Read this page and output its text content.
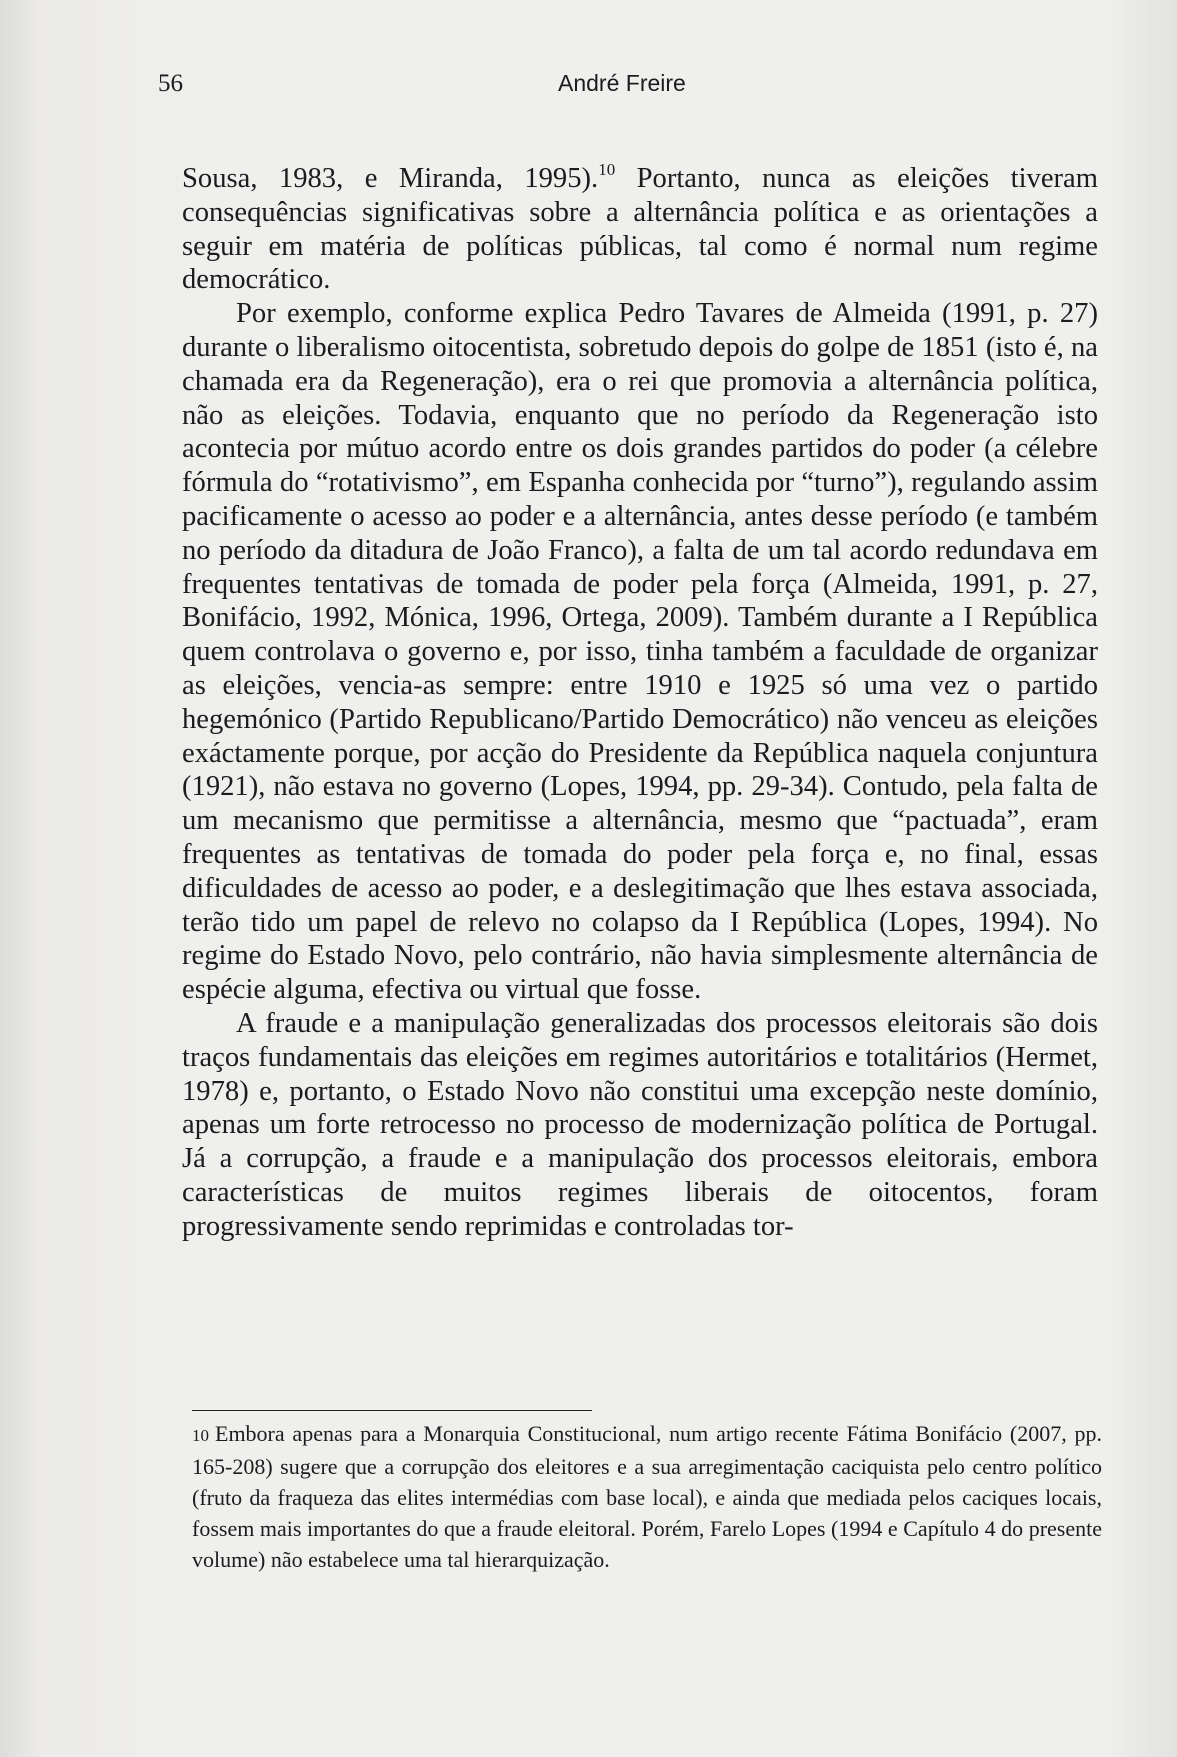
56	André Freire

Sousa, 1983, e Miranda, 1995).$^{10}$ Portanto, nunca as eleições tiveram consequências significativas sobre a alternância política e as orientações a seguir em matéria de políticas públicas, tal como é normal num regime democrático.

Por exemplo, conforme explica Pedro Tavares de Almeida (1991, p. 27) durante o liberalismo oitocentista, sobretudo depois do golpe de 1851 (isto é, na chamada era da Regeneração), era o rei que promovia a alternância política, não as eleições. Todavia, enquanto que no período da Regeneração isto acontecia por mútuo acordo entre os dois grandes partidos do poder (a célebre fórmula do “rotativismo”, em Espanha conhecida por “turno”), regulando assim pacificamente o acesso ao poder e a alternância, antes desse período (e também no período da ditadura de João Franco), a falta de um tal acordo redundava em frequentes tentativas de tomada de poder pela força (Almeida, 1991, p. 27, Bonifácio, 1992, Mónica, 1996, Ortega, 2009). Também durante a I República quem controlava o governo e, por isso, tinha também a faculdade de organizar as eleições, vencia-as sempre: entre 1910 e 1925 só uma vez o partido hegemónico (Partido Republicano/Partido Democrático) não venceu as eleições exáctamente porque, por acção do Presidente da República naquela conjuntura (1921), não estava no governo (Lopes, 1994, pp. 29-34). Contudo, pela falta de um mecanismo que permitisse a alternância, mesmo que “pactuada”, eram frequentes as tentativas de tomada do poder pela força e, no final, essas dificuldades de acesso ao poder, e a deslegitimação que lhes estava associada, terão tido um papel de relevo no colapso da I República (Lopes, 1994). No regime do Estado Novo, pelo contrário, não havia simplesmente alternância de espécie alguma, efectiva ou virtual que fosse.

A fraude e a manipulação generalizadas dos processos eleitorais são dois traços fundamentais das eleições em regimes autoritários e totalitários (Hermet, 1978) e, portanto, o Estado Novo não constitui uma excepção neste domínio, apenas um forte retrocesso no processo de modernização política de Portugal. Já a corrupção, a fraude e a manipulação dos processos eleitorais, embora características de muitos regimes liberais de oitocentos, foram progressivamente sendo reprimidas e controladas tor-

10 Embora apenas para a Monarquia Constitucional, num artigo recente Fátima Bonifácio (2007, pp. 165-208) sugere que a corrupção dos eleitores e a sua arregimentação caciquista pelo centro político (fruto da fraqueza das elites intermédias com base local), e ainda que mediada pelos caciques locais, fossem mais importantes do que a fraude eleitoral. Porém, Farelo Lopes (1994 e Capítulo 4 do presente volume) não estabelece uma tal hierarquização.
